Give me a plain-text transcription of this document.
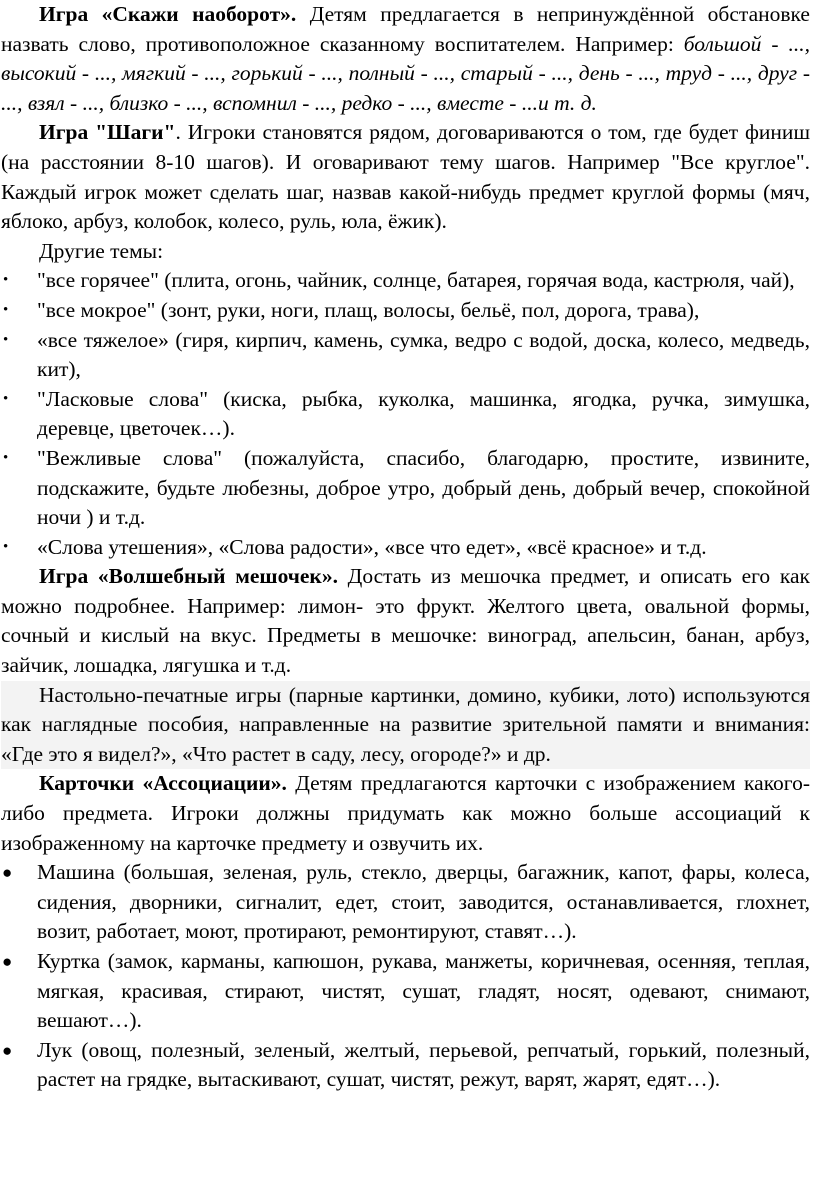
Игра «Скажи наоборот». Детям предлагается в непринуждённой обстановке назвать слово, противоположное сказанному воспитателем. Например: большой - ..., высокий - ..., мягкий - ..., горький - ..., полный - ..., старый - ..., день - ..., труд - ..., друг - ..., взял - ..., близко - ..., вспомнил - ..., редко - ..., вместе - ...и т. д.

Игра "Шаги". Игроки становятся рядом, договариваются о том, где будет финиш (на расстоянии 8-10 шагов). И оговаривают тему шагов. Например "Все круглое". Каждый игрок может сделать шаг, назвав какой-нибудь предмет круглой формы (мяч, яблоко, арбуз, колобок, колесо, руль, юла, ёжик).

Другие темы:

• "все горячее" (плита, огонь, чайник, солнце, батарея, горячая вода, кастрюля, чай),
• "все мокрое" (зонт, руки, ноги, плащ, волосы, бельё, пол, дорога, трава),
• «все тяжелое» (гиря, кирпич, камень, сумка, ведро с водой, доска, колесо, медведь, кит),
• "Ласковые слова" (киска, рыбка, куколка, машинка, ягодка, ручка, зимушка, деревце, цветочек…).
• "Вежливые слова" (пожалуйста, спасибо, благодарю, простите, извините, подскажите, будьте любезны, доброе утро, добрый день, добрый вечер, спокойной ночи ) и т.д.
• «Слова утешения», «Слова радости», «все что едет», «всё красное» и т.д.

Игра «Волшебный мешочек». Достать из мешочка предмет, и описать его как можно подробнее. Например: лимон- это фрукт. Желтого цвета, овальной формы, сочный и кислый на вкус. Предметы в мешочке: виноград, апельсин, банан, арбуз, зайчик, лошадка, лягушка и т.д.

Настольно-печатные игры (парные картинки, домино, кубики, лото) используются как наглядные пособия, направленные на развитие зрительной памяти и внимания: «Где это я видел?», «Что растет в саду, лесу, огороде?» и др.

Карточки «Ассоциации». Детям предлагаются карточки с изображением какого-либо предмета. Игроки должны придумать как можно больше ассоциаций к изображенному на карточке предмету и озвучить их.

● Машина (большая, зеленая, руль, стекло, дверцы, багажник, капот, фары, колеса, сидения, дворники, сигналит, едет, стоит, заводится, останавливается, глохнет, возит, работает, моют, протирают, ремонтируют, ставят…).
● Куртка (замок, карманы, капюшон, рукава, манжеты, коричневая, осенняя, теплая, мягкая, красивая, стирают, чистят, сушат, гладят, носят, одевают, снимают, вешают…).
● Лук (овощ, полезный, зеленый, желтый, перьевой, репчатый, горький, полезный, растет на грядке, вытаскивают, сушат, чистят, режут, варят, жарят, едят…).
